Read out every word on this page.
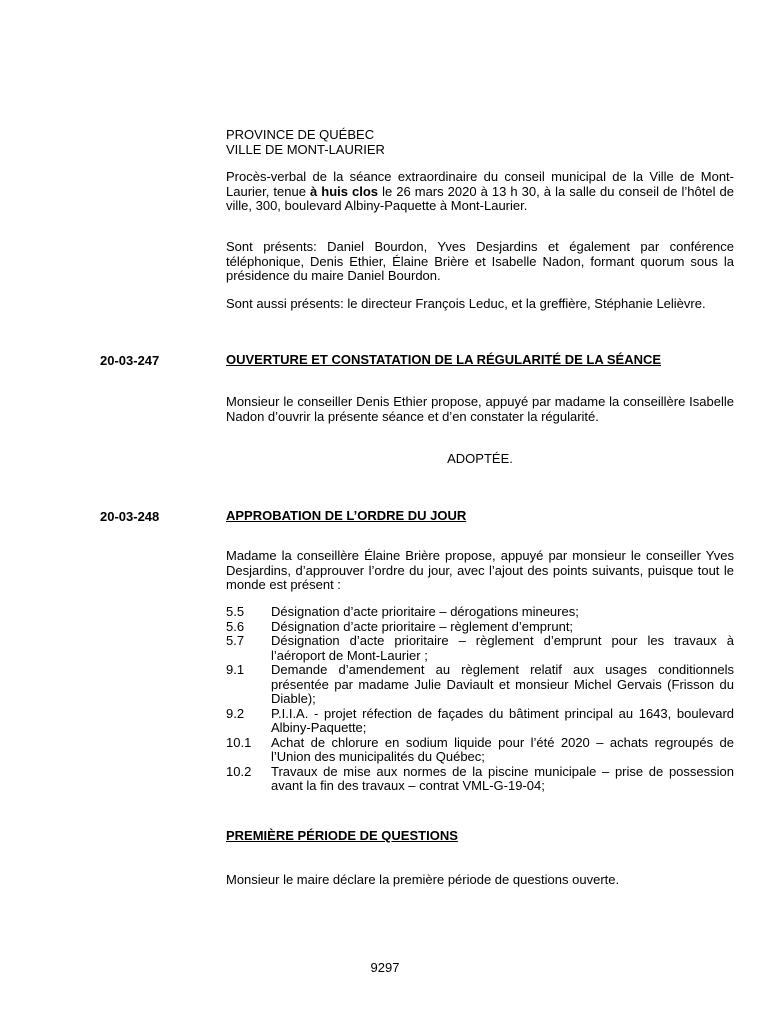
PROVINCE DE QUÉBEC
VILLE DE MONT-LAURIER
Procès-verbal de la séance extraordinaire du conseil municipal de la Ville de Mont-Laurier, tenue à huis clos le 26 mars 2020 à 13 h 30, à la salle du conseil de l’hôtel de ville, 300, boulevard Albiny-Paquette à Mont-Laurier.
Sont présents: Daniel Bourdon, Yves Desjardins et également par conférence téléphonique, Denis Ethier, Élaine Brière et Isabelle Nadon, formant quorum sous la présidence du maire Daniel Bourdon.
Sont aussi présents: le directeur François Leduc, et la greffière, Stéphanie Lelièvre.
20-03-247	OUVERTURE ET CONSTATATION DE LA RÉGULARITÉ DE LA SÉANCE
Monsieur le conseiller Denis Ethier propose, appuyé par madame la conseillère Isabelle Nadon d’ouvrir la présente séance et d’en constater la régularité.
ADOPTÉE.
20-03-248	APPROBATION DE L’ORDRE DU JOUR
Madame la conseillère Élaine Brière propose, appuyé par monsieur le conseiller Yves Desjardins, d’approuver l’ordre du jour, avec l’ajout des points suivants, puisque tout le monde est présent :
5.5	Désignation d’acte prioritaire – dérogations mineures;
5.6	Désignation d’acte prioritaire – règlement d’emprunt;
5.7	Désignation d’acte prioritaire – règlement d’emprunt pour les travaux à l’aéroport de Mont-Laurier ;
9.1	Demande d’amendement au règlement relatif aux usages conditionnels présentée par madame Julie Daviault et monsieur Michel Gervais (Frisson du Diable);
9.2	P.I.I.A. - projet réfection de façades du bâtiment principal au 1643, boulevard Albiny-Paquette;
10.1	Achat de chlorure en sodium liquide pour l’été 2020 – achats regroupés de l’Union des municipalités du Québec;
10.2	Travaux de mise aux normes de la piscine municipale – prise de possession avant la fin des travaux – contrat VML-G-19-04;
PREMIÈRE PÉRIODE DE QUESTIONS
Monsieur le maire déclare la première période de questions ouverte.
9297
